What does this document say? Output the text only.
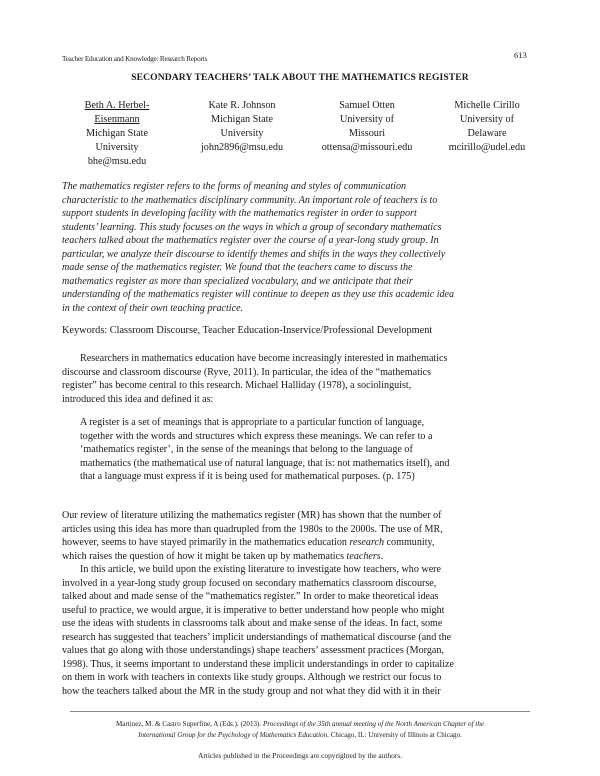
Teacher Education and Knowledge: Research Reports	613
SECONDARY TEACHERS’ TALK ABOUT THE MATHEMATICS REGISTER
Beth A. Herbel-
Eisenmann
Michigan State
University
bhe@msu.edu
Kate R. Johnson
Michigan State
University
john2896@msu.edu
Samuel Otten
University of
Missouri
ottensa@missouri.edu
Michelle Cirillo
University of
Delaware
mcirillo@udel.edu
The mathematics register refers to the forms of meaning and styles of communication
characteristic to the mathematics disciplinary community. An important role of teachers is to
support students in developing facility with the mathematics register in order to support
students’ learning. This study focuses on the ways in which a group of secondary mathematics
teachers talked about the mathematics register over the course of a year-long study group. In
particular, we analyze their discourse to identify themes and shifts in the ways they collectively
made sense of the mathematics register. We found that the teachers came to discuss the
mathematics register as more than specialized vocabulary, and we anticipate that their
understanding of the mathematics register will continue to deepen as they use this academic idea
in the context of their own teaching practice.
Keywords: Classroom Discourse, Teacher Education-Inservice/Professional Development
Researchers in mathematics education have become increasingly interested in mathematics
discourse and classroom discourse (Ryve, 2011). In particular, the idea of the “mathematics
register” has become central to this research. Michael Halliday (1978), a sociolinguist,
introduced this idea and defined it as:
A register is a set of meanings that is appropriate to a particular function of language,
together with the words and structures which express these meanings. We can refer to a
‘mathematics register’, in the sense of the meanings that belong to the language of
mathematics (the mathematical use of natural language, that is: not mathematics itself), and
that a language must express if it is being used for mathematical purposes. (p. 175)
Our review of literature utilizing the mathematics register (MR) has shown that the number of
articles using this idea has more than quadrupled from the 1980s to the 2000s. The use of MR,
however, seems to have stayed primarily in the mathematics education research community,
which raises the question of how it might be taken up by mathematics teachers.
In this article, we build upon the existing literature to investigate how teachers, who were
involved in a year-long study group focused on secondary mathematics classroom discourse,
talked about and made sense of the “mathematics register.” In order to make theoretical ideas
useful to practice, we would argue, it is imperative to better understand how people who might
use the ideas with students in classrooms talk about and make sense of the ideas. In fact, some
research has suggested that teachers’ implicit understandings of mathematical discourse (and the
values that go along with those understandings) shape teachers’ assessment practices (Morgan,
1998). Thus, it seems important to understand these implicit understandings in order to capitalize
on them in work with teachers in contexts like study groups. Although we restrict our focus to
how the teachers talked about the MR in the study group and not what they did with it in their
Martinez, M. & Castro Superfine, A (Eds.). (2013). Proceedings of the 35th annual meeting of the North American Chapter of the
International Group for the Psychology of Mathematics Education. Chicago, IL: University of Illinois at Chicago.
Articles published in the Proceedings are copyrighted by the authors.
